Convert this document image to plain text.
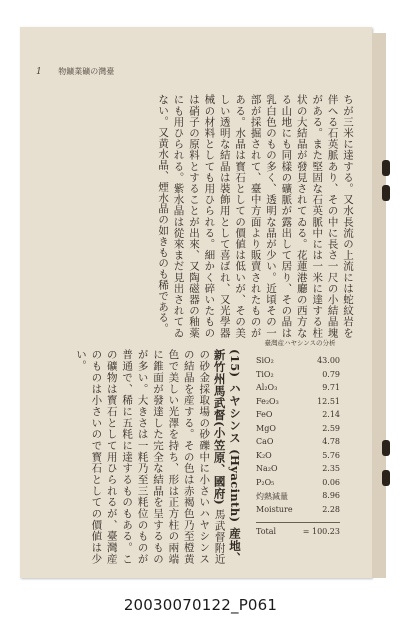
1 物鑛業礦の灣臺
ちが三米に達する。又水長流の上流には蛇紋岩を伴へる石英脈あり、その中に長さ一尺の小結晶塊がある。また堅固な石英脈中には一米に達する柱状の大結晶が發見されてゐる。花蓮港廳の西方なる山地にも同樣の礦脈が露出して居り、その晶は乳白色のもの多く、透明な晶が少い。近頃その一部が採掘されて、臺中方面より販賣されたものがある。水晶は寳石としての價値は低いが、その美しい透明な結晶は裝飾用として喜ばれ、又光學器械の材料としても用ひられる。細かく碎いたものは硝子の原料とすることが出來、又陶磁器の釉薬にも用ひられる。紫水晶は從來まだ見出されてゐない。又黄水晶、煙水晶の如きものも稀である。
(15) ハヤシンス (Hyacinth) 産地、新竹州馬武督(小笠原、國府) 馬武督附近の砂金採取場の砂礫中に小さいハヤシンスの結晶を産する。その色は赤褐色乃至橙黄色で美しい光澤を持ち、形は正方柱の兩端に錐面が發達した完全な結晶を呈するものが多い。大きさは一粍乃至三粍位のものが普通で、稀に五粍に達するものもある。この礦物は寳石として用ひられるが、臺灣産のものは小さいので寳石としての價値は少い。
臺灣産ハヤシンスの分析
SiO₂	43.00
TiO₂	0.79
Al₂O₃	9.71
Fe₂O₃	12.51
FeO	2.14
MgO	2.59
CaO	4.78
K₂O	5.76
Na₂O	2.35
P₂O₅	0.06
灼熱減量	8.96
Moisture	2.28
Total	= 100.23
20030070122_P061
